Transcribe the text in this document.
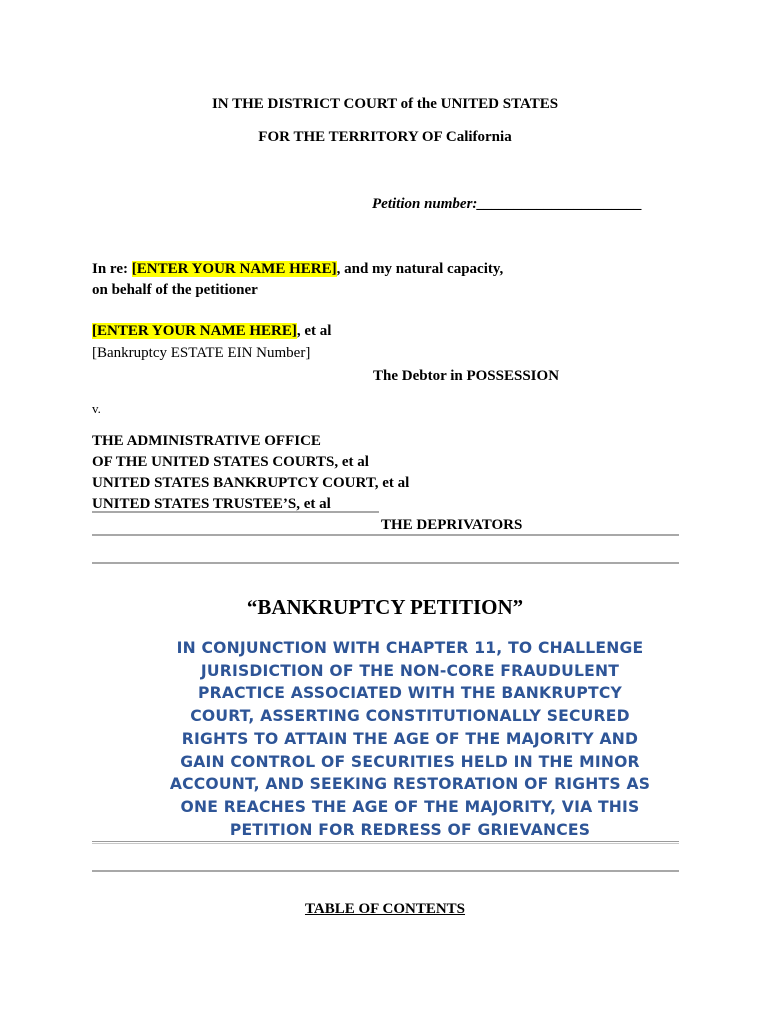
IN THE DISTRICT COURT of the UNITED STATES
FOR THE TERRITORY OF California
Petition number:______________________
In re: [ENTER YOUR NAME HERE], and my natural capacity,
on behalf of the petitioner
[ENTER YOUR NAME HERE], et al
[Bankruptcy ESTATE EIN Number]
The Debtor in POSSESSION
v.
THE ADMINISTRATIVE OFFICE
OF THE UNITED STATES COURTS, et al
UNITED STATES BANKRUPTCY COURT, et al
UNITED STATES TRUSTEE’S, et al
THE DEPRIVATORS
“BANKRUPTCY PETITION”
IN CONJUNCTION WITH CHAPTER 11, TO CHALLENGE
JURISDICTION OF THE NON-CORE FRAUDULENT
PRACTICE ASSOCIATED WITH THE BANKRUPTCY
COURT, ASSERTING CONSTITUTIONALLY SECURED
RIGHTS TO ATTAIN THE AGE OF THE MAJORITY AND
GAIN CONTROL OF SECURITIES HELD IN THE MINOR
ACCOUNT, AND SEEKING RESTORATION OF RIGHTS AS
ONE REACHES THE AGE OF THE MAJORITY, VIA THIS
PETITION FOR REDRESS OF GRIEVANCES
TABLE OF CONTENTS
